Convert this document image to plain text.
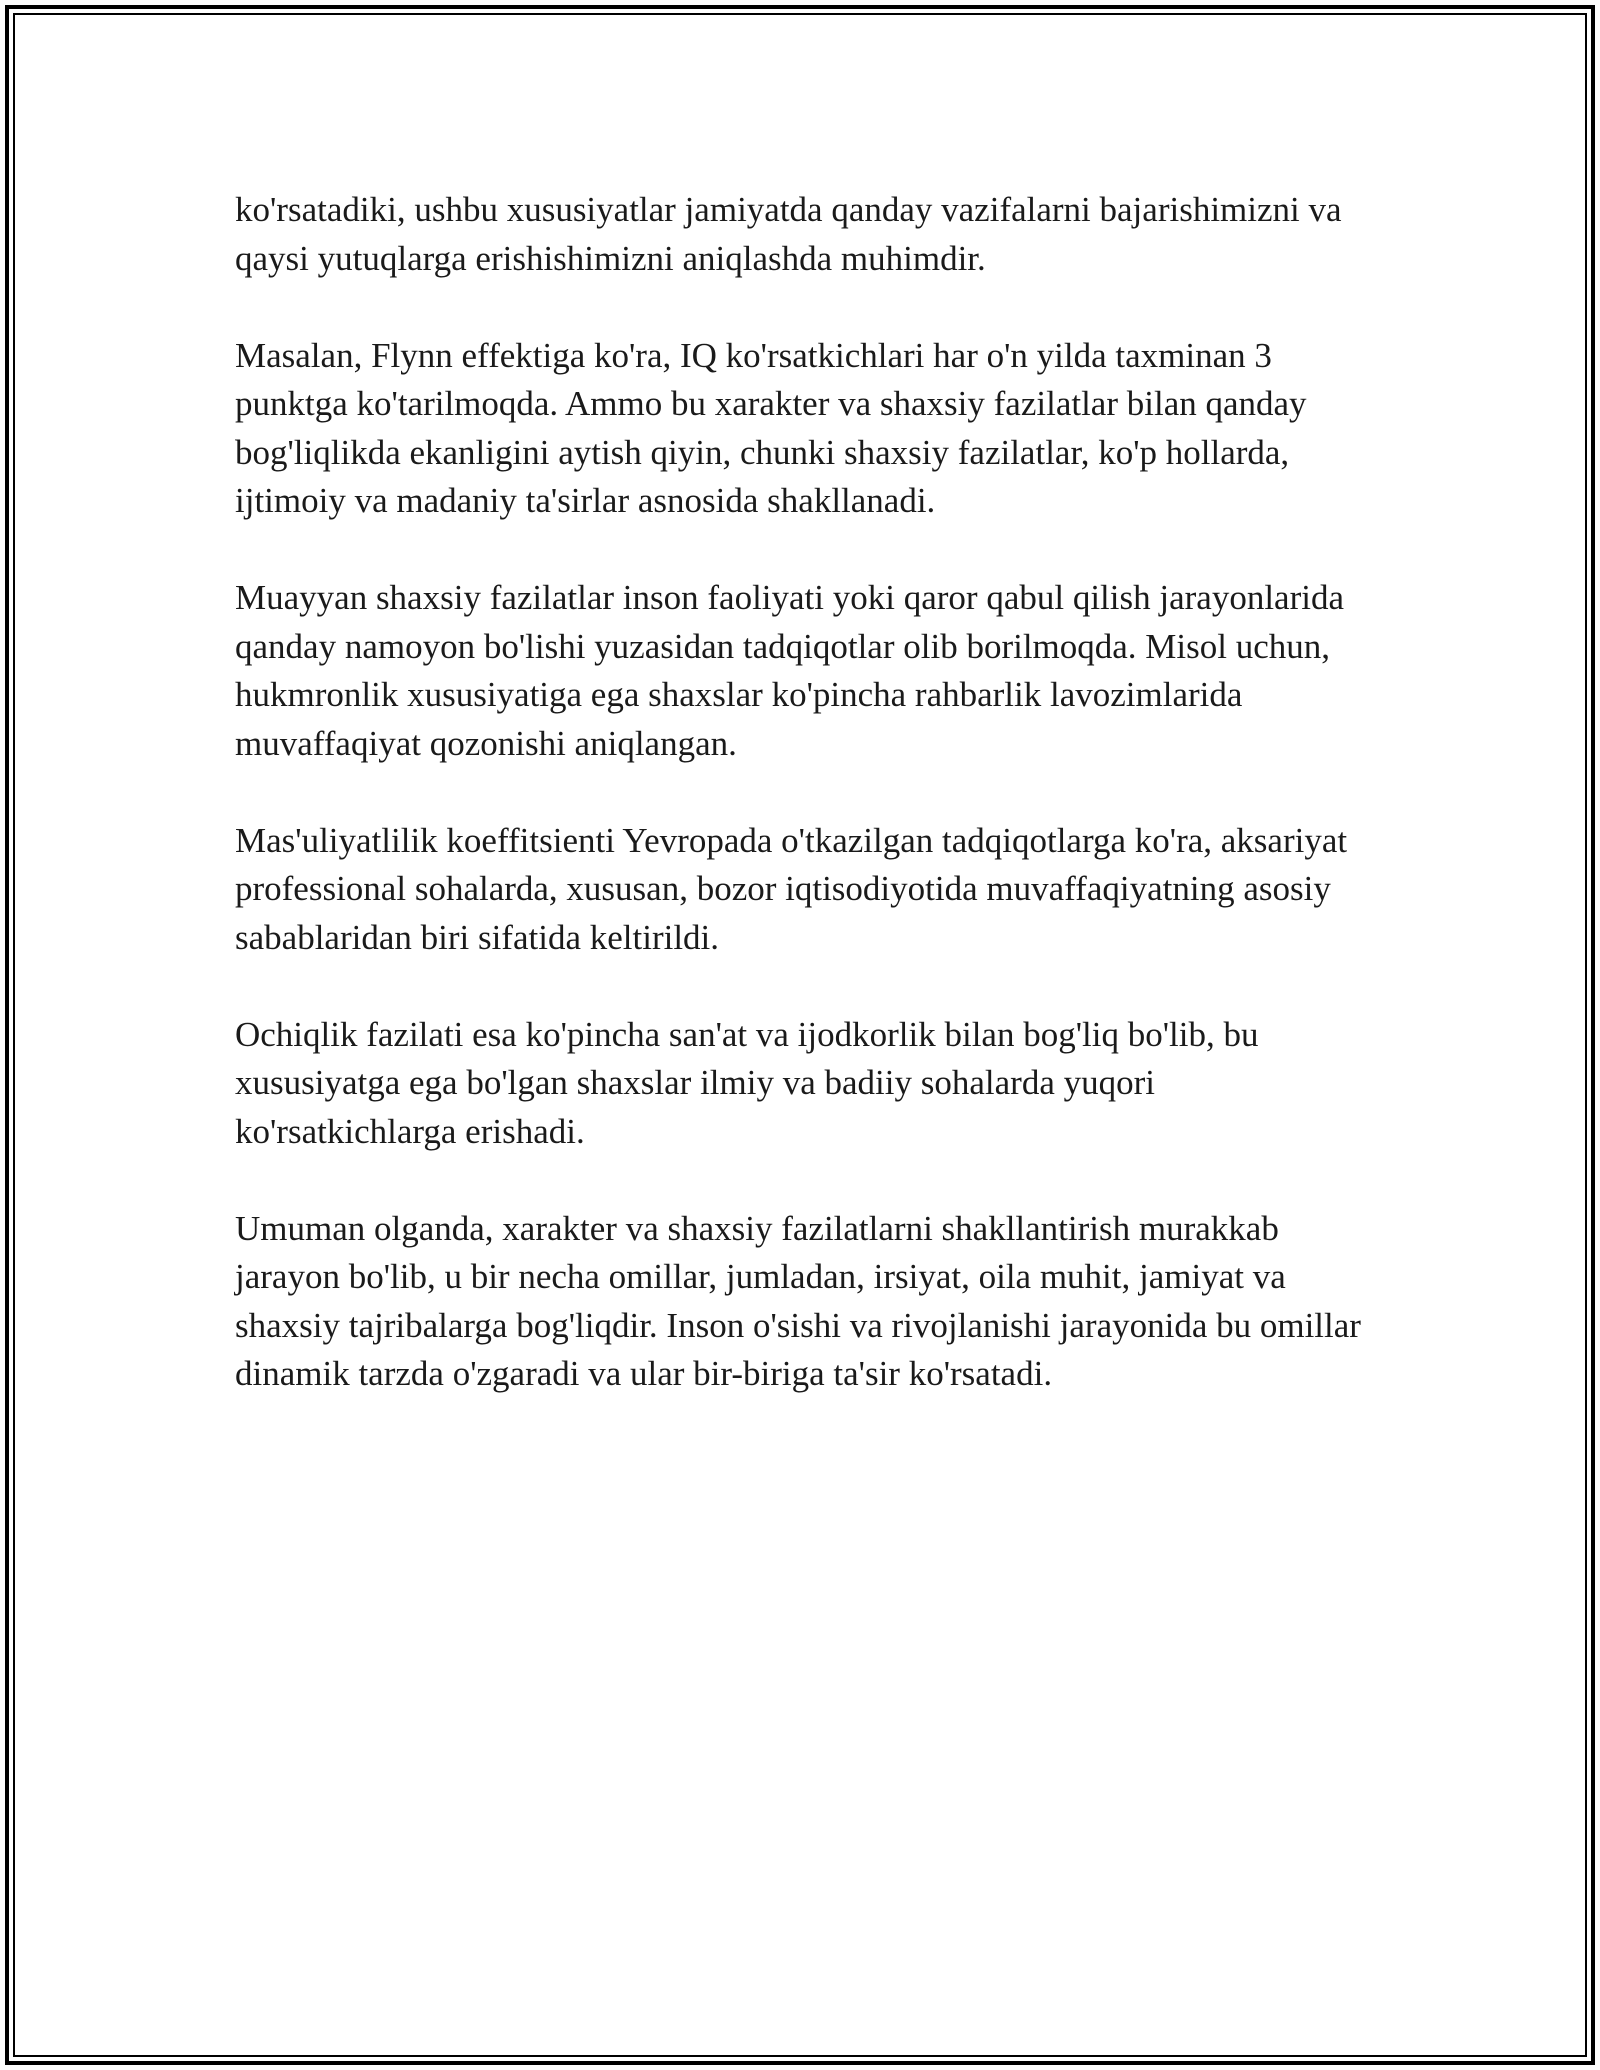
ko'rsatadiki, ushbu xususiyatlar jamiyatda qanday vazifalarni bajarishimizni va qaysi yutuqlarga erishishimizni aniqlashda muhimdir.

Masalan, Flynn effektiga ko'ra, IQ ko'rsatkichlari har o'n yilda taxminan 3 punktga ko'tarilmoqda. Ammo bu xarakter va shaxsiy fazilatlar bilan qanday bog'liqlikda ekanligini aytish qiyin, chunki shaxsiy fazilatlar, ko'p hollarda, ijtimoiy va madaniy ta'sirlar asnosida shakllanadi.

Muayyan shaxsiy fazilatlar inson faoliyati yoki qaror qabul qilish jarayonlarida qanday namoyon bo'lishi yuzasidan tadqiqotlar olib borilmoqda. Misol uchun, hukmronlik xususiyatiga ega shaxslar ko'pincha rahbarlik lavozimlarida muvaffaqiyat qozonishi aniqlangan.

Mas'uliyatlilik koeffitsienti Yevropada o'tkazilgan tadqiqotlarga ko'ra, aksariyat professional sohalarda, xususan, bozor iqtisodiyotida muvaffaqiyatning asosiy sabablaridan biri sifatida keltirildi.

Ochiqlik fazilati esa ko'pincha san'at va ijodkorlik bilan bog'liq bo'lib, bu xususiyatga ega bo'lgan shaxslar ilmiy va badiiy sohalarda yuqori ko'rsatkichlarga erishadi.

Umuman olganda, xarakter va shaxsiy fazilatlarni shakllantirish murakkab jarayon bo'lib, u bir necha omillar, jumladan, irsiyat, oila muhit, jamiyat va shaxsiy tajribalarga bog'liqdir. Inson o'sishi va rivojlanishi jarayonida bu omillar dinamik tarzda o'zgaradi va ular bir-biriga ta'sir ko'rsatadi.
